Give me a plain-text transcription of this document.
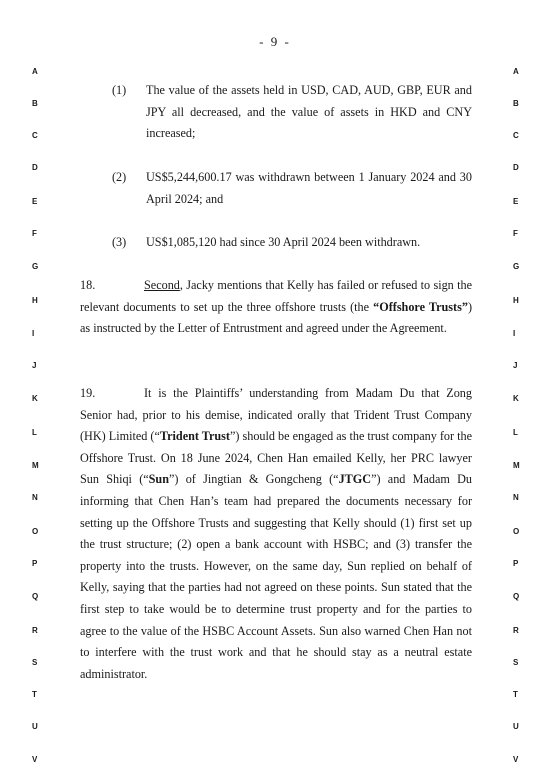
- 9 -
A	A
B	B
C	C
D	D
E	E
F	F
G	G
H	H
I	I
J	J
K	K
L	L
M	M
N	N
O	O
P	P
Q	Q
R	R
S	S
T	T
U	U
V	V
(1) The value of the assets held in USD, CAD, AUD, GBP, EUR and JPY all decreased, and the value of assets in HKD and CNY increased;
(2) US$5,244,600.17 was withdrawn between 1 January 2024 and 30 April 2024; and
(3) US$1,085,120 had since 30 April 2024 been withdrawn.
18.	Second, Jacky mentions that Kelly has failed or refused to sign the relevant documents to set up the three offshore trusts (the “Offshore Trusts”) as instructed by the Letter of Entrustment and agreed under the Agreement.
19.	It is the Plaintiffs’ understanding from Madam Du that Zong Senior had, prior to his demise, indicated orally that Trident Trust Company (HK) Limited (“Trident Trust”) should be engaged as the trust company for the Offshore Trust. On 18 June 2024, Chen Han emailed Kelly, her PRC lawyer Sun Shiqi (“Sun”) of Jingtian & Gongcheng (“JTGC”) and Madam Du informing that Chen Han’s team had prepared the documents necessary for setting up the Offshore Trusts and suggesting that Kelly should (1) first set up the trust structure; (2) open a bank account with HSBC; and (3) transfer the property into the trusts. However, on the same day, Sun replied on behalf of Kelly, saying that the parties had not agreed on these points. Sun stated that the first step to take would be to determine trust property and for the parties to agree to the value of the HSBC Account Assets. Sun also warned Chen Han not to interfere with the trust work and that he should stay as a neutral estate administrator.
